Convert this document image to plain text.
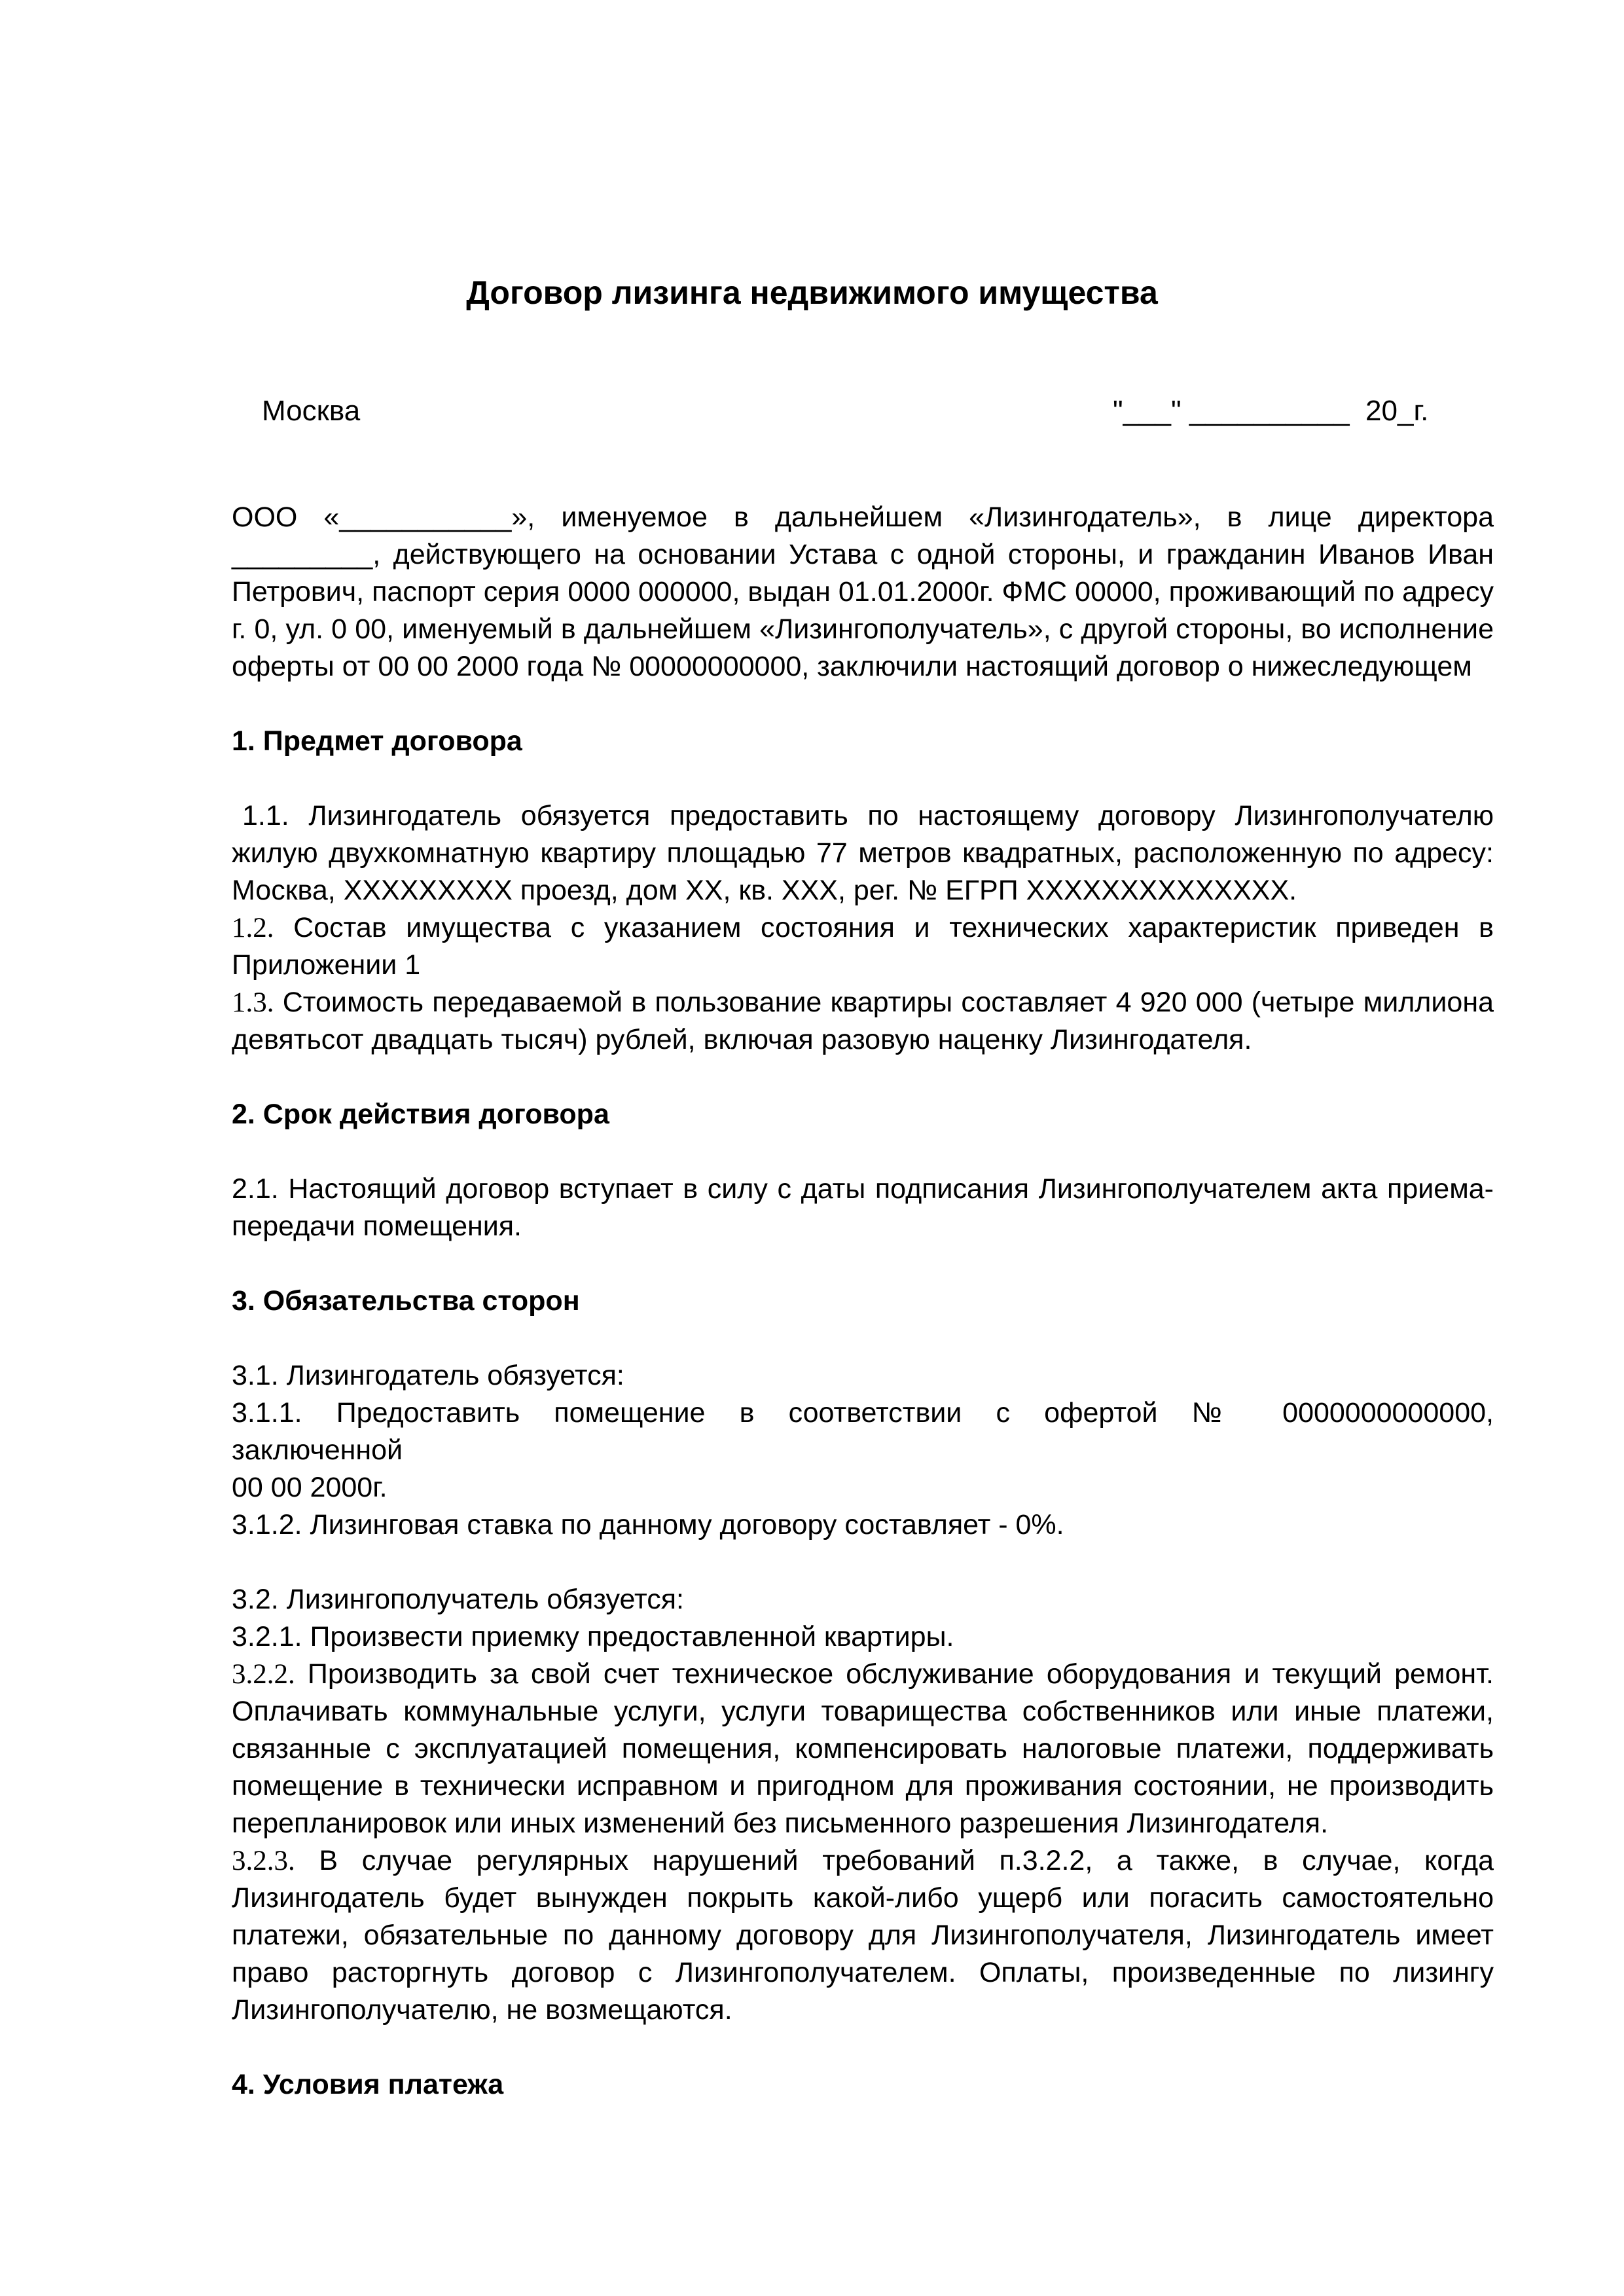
Договор лизинга недвижимого имущества
Москва	"___" __________  20_г.

ООО «___________», именуемое в дальнейшем «Лизингодатель», в лице директора _________, действующего на основании Устава с одной стороны, и гражданин Иванов Иван Петрович, паспорт серия 0000 000000, выдан 01.01.2000г. ФМС 00000, проживающий по адресу г. 0, ул. 0 00, именуемый в дальнейшем «Лизингополучатель», с другой стороны, во исполнение оферты от 00 00 2000 года № 00000000000, заключили настоящий договор о нижеследующем

1. Предмет договора

1.1. Лизингодатель обязуется предоставить по настоящему договору Лизингополучателю жилую двухкомнатную квартиру площадью 77 метров квадратных, расположенную по адресу: Москва, ХХХХХХХХХ проезд, дом ХХ, кв. ХХХ, рег. № ЕГРП ХХХХХХХХХХХХХХ.

1.2. Состав имущества с указанием состояния и технических характеристик приведен в Приложении 1

1.3. Стоимость передаваемой в пользование квартиры составляет 4 920 000 (четыре миллиона девятьсот двадцать тысяч) рублей, включая разовую наценку Лизингодателя.

2. Срок действия договора

2.1. Настоящий договор вступает в силу с даты подписания Лизингополучателем акта приема-передачи помещения.

3. Обязательства сторон

3.1. Лизингодатель обязуется:

3.1.1. Предоставить помещение в соответствии с офертой № 0000000000000,

заключенной

00 00 2000г.

3.1.2. Лизинговая ставка по данному договору составляет - 0%.

3.2. Лизингополучатель обязуется:

3.2.1. Произвести приемку предоставленной квартиры.

3.2.2. Производить за свой счет техническое обслуживание оборудования и текущий ремонт. Оплачивать коммунальные услуги, услуги товарищества собственников или иные платежи, связанные с эксплуатацией помещения, компенсировать налоговые платежи, поддерживать помещение в технически исправном и пригодном для проживания состоянии, не производить перепланировок или иных изменений без письменного разрешения Лизингодателя.

3.2.3. В случае регулярных нарушений требований п.3.2.2, а также, в случае, когда Лизингодатель будет вынужден покрыть какой-либо ущерб или погасить самостоятельно платежи, обязательные по данному договору для Лизингополучателя, Лизингодатель имеет право расторгнуть договор с Лизингополучателем. Оплаты, произведенные по лизингу Лизингополучателю, не возмещаются.

4. Условия платежа
